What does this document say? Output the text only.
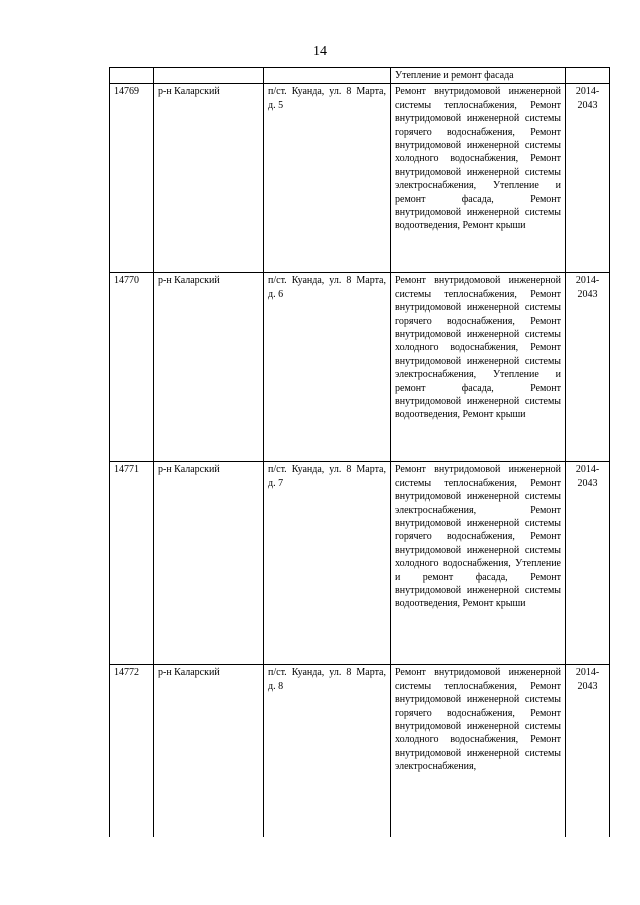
14
			Утепление и ремонт фасада	
14769	р-н Каларский	п/ст. Куанда, ул. 8 Марта, д. 5	Ремонт внутридомовой инженерной системы теплоснабжения, Ремонт внутридомовой инженерной системы горячего водоснабжения, Ремонт внутридомовой инженерной системы холодного водоснабжения, Ремонт внутридомовой инженерной системы электроснабжения, Утепление и ремонт фасада, Ремонт внутридомовой инженерной системы водоотведения, Ремонт крыши	2014-2043
14770	р-н Каларский	п/ст. Куанда, ул. 8 Марта, д. 6	Ремонт внутридомовой инженерной системы теплоснабжения, Ремонт внутридомовой инженерной системы горячего водоснабжения, Ремонт внутридомовой инженерной системы холодного водоснабжения, Ремонт внутридомовой инженерной системы электроснабжения, Утепление и ремонт фасада, Ремонт внутридомовой инженерной системы водоотведения, Ремонт крыши	2014-2043
14771	р-н Каларский	п/ст. Куанда, ул. 8 Марта, д. 7	Ремонт внутридомовой инженерной системы теплоснабжения, Ремонт внутридомовой инженерной системы электроснабжения, Ремонт внутридомовой инженерной системы горячего водоснабжения, Ремонт внутридомовой инженерной системы холодного водоснабжения, Утепление и ремонт фасада, Ремонт внутридомовой инженерной системы водоотведения, Ремонт крыши	2014-2043
14772	р-н Каларский	п/ст. Куанда, ул. 8 Марта, д. 8	Ремонт внутридомовой инженерной системы теплоснабжения, Ремонт внутридомовой инженерной системы горячего водоснабжения, Ремонт внутридомовой инженерной системы холодного водоснабжения, Ремонт внутридомовой инженерной системы электроснабжения,	2014-2043
